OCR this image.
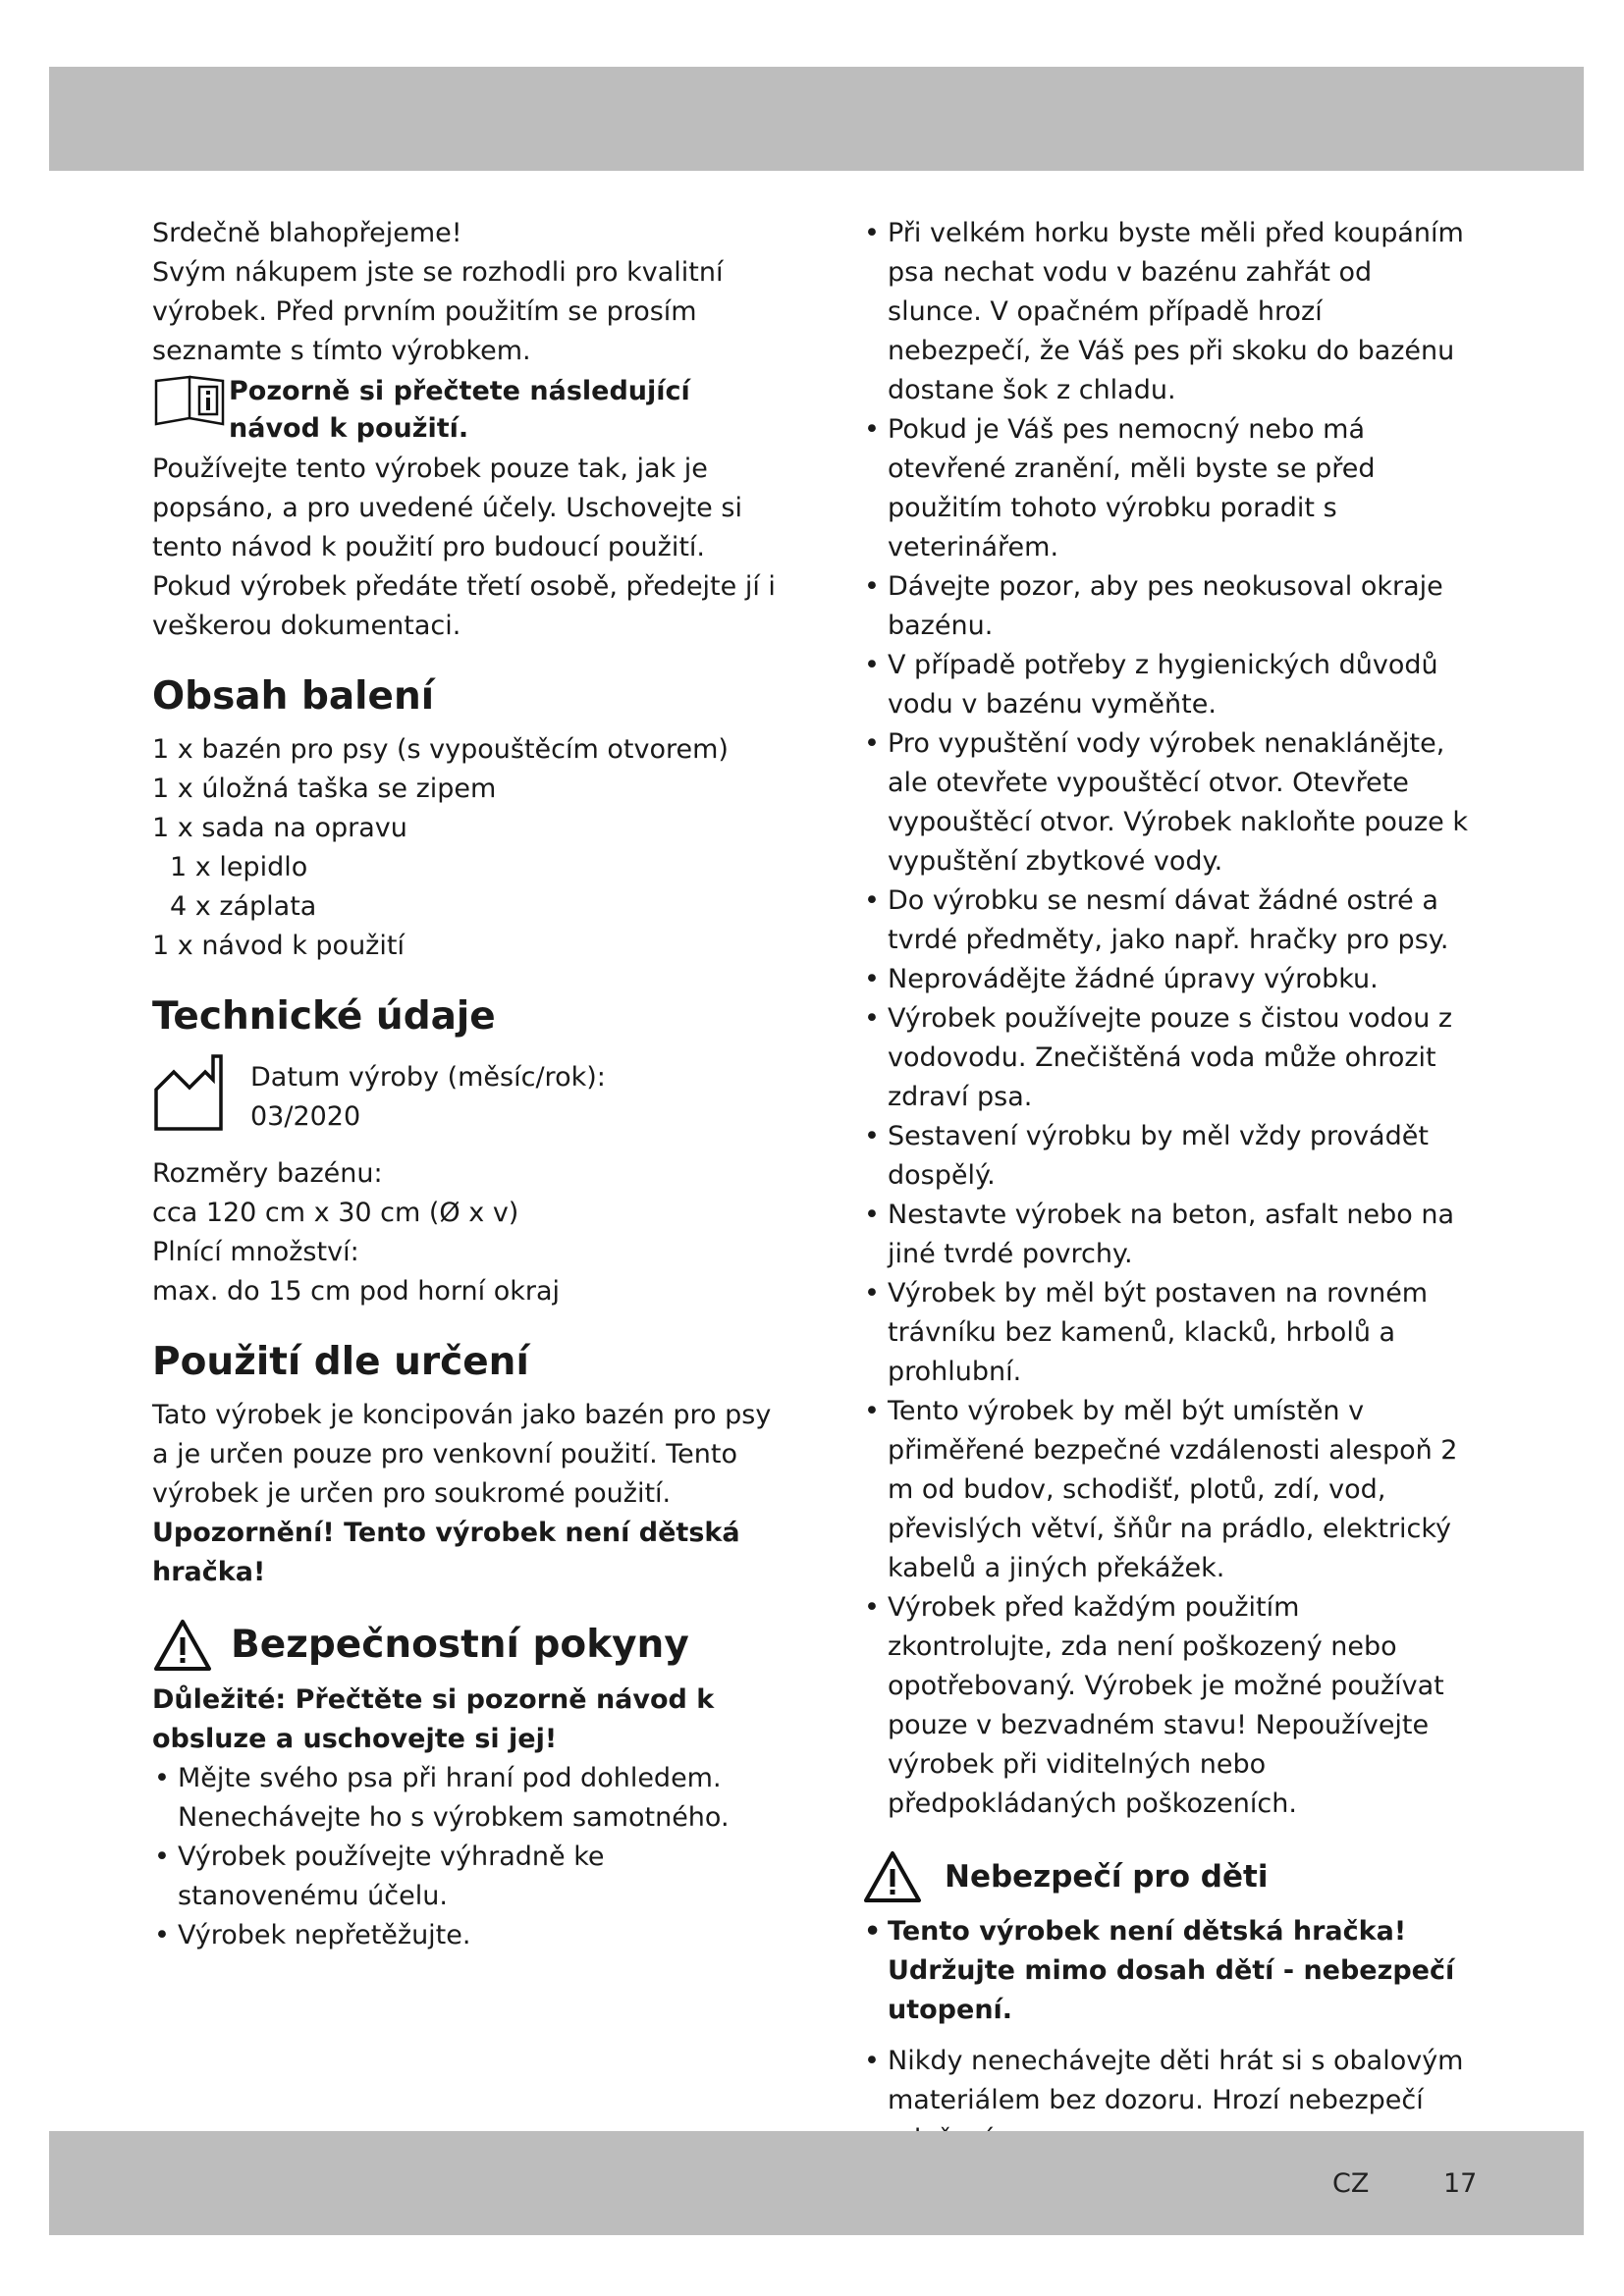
Srdečně blahopřejeme!

Svým nákupem jste se rozhodli pro kvalitní výrobek. Před prvním použitím se prosím seznamte s tímto výrobkem.

Pozorně si přečtete následující návod k použití.

Používejte tento výrobek pouze tak, jak je popsáno, a pro uvedené účely. Uschovejte si tento návod k použití pro budoucí použití. Pokud výrobek předáte třetí osobě, předejte jí i veškerou dokumentaci.

Obsah balení

1 x bazén pro psy (s vypouštěcím otvorem)
1 x úložná taška se zipem
1 x sada na opravu
1 x lepidlo
4 x záplata
1 x návod k použití

Technické údaje

Datum výroby (měsíc/rok):

03/2020

Rozměry bazénu:

cca 120 cm x 30 cm (Ø x v)

Plnící množství:

max. do 15 cm pod horní okraj

Použití dle určení

Tato výrobek je koncipován jako bazén pro psy a je určen pouze pro venkovní použití. Tento výrobek je určen pro soukromé použití.

Upozornění! Tento výrobek není dětská hračka!

Bezpečnostní pokyny

Důležité: Přečtěte si pozorně návod k obsluze a uschovejte si jej!

• Mějte svého psa při hraní pod dohledem. Nenechávejte ho s výrobkem samotného.
• Výrobek používejte výhradně ke stanovenému účelu.
• Výrobek nepřetěžujte.
• Při velkém horku byste měli před koupáním psa nechat vodu v bazénu zahřát od slunce. V opačném případě hrozí nebezpečí, že Váš pes při skoku do bazénu dostane šok z chladu.
• Pokud je Váš pes nemocný nebo má otevřené zranění, měli byste se před použitím tohoto výrobku poradit s veterinářem.
• Dávejte pozor, aby pes neokusoval okraje bazénu.
• V případě potřeby z hygienických důvodů vodu v bazénu vyměňte.
• Pro vypuštění vody výrobek nenaklánějte, ale otevřete vypouštěcí otvor. Otevřete vypouštěcí otvor. Výrobek nakloňte pouze k vypuštění zbytkové vody.
• Do výrobku se nesmí dávat žádné ostré a tvrdé předměty, jako např. hračky pro psy.
• Neprovádějte žádné úpravy výrobku.
• Výrobek používejte pouze s čistou vodou z vodovodu. Znečištěná voda může ohrozit zdraví psa.
• Sestavení výrobku by měl vždy provádět dospělý.
• Nestavte výrobek na beton, asfalt nebo na jiné tvrdé povrchy.
• Výrobek by měl být postaven na rovném trávníku bez kamenů, klacků, hrbolů a prohlubní.
• Tento výrobek by měl být umístěn v přiměřené bezpečné vzdálenosti alespoň 2 m od budov, schodišť, plotů, zdí, vod, převislých větví, šňůr na prádlo, elektrický kabelů a jiných překážek.
• Výrobek před každým použitím zkontrolujte, zda není poškozený nebo opotřebovaný. Výrobek je možné používat pouze v bezvadném stavu! Nepoužívejte výrobek při viditelných nebo předpokládaných poškozeních.
Nebezpečí pro děti
• Tento výrobek není dětská hračka! Udržujte mimo dosah dětí - nebezpečí utopení.
• Nikdy nenechávejte děti hrát si s obalovým materiálem bez dozoru. Hrozí nebezpečí
CZ	17
